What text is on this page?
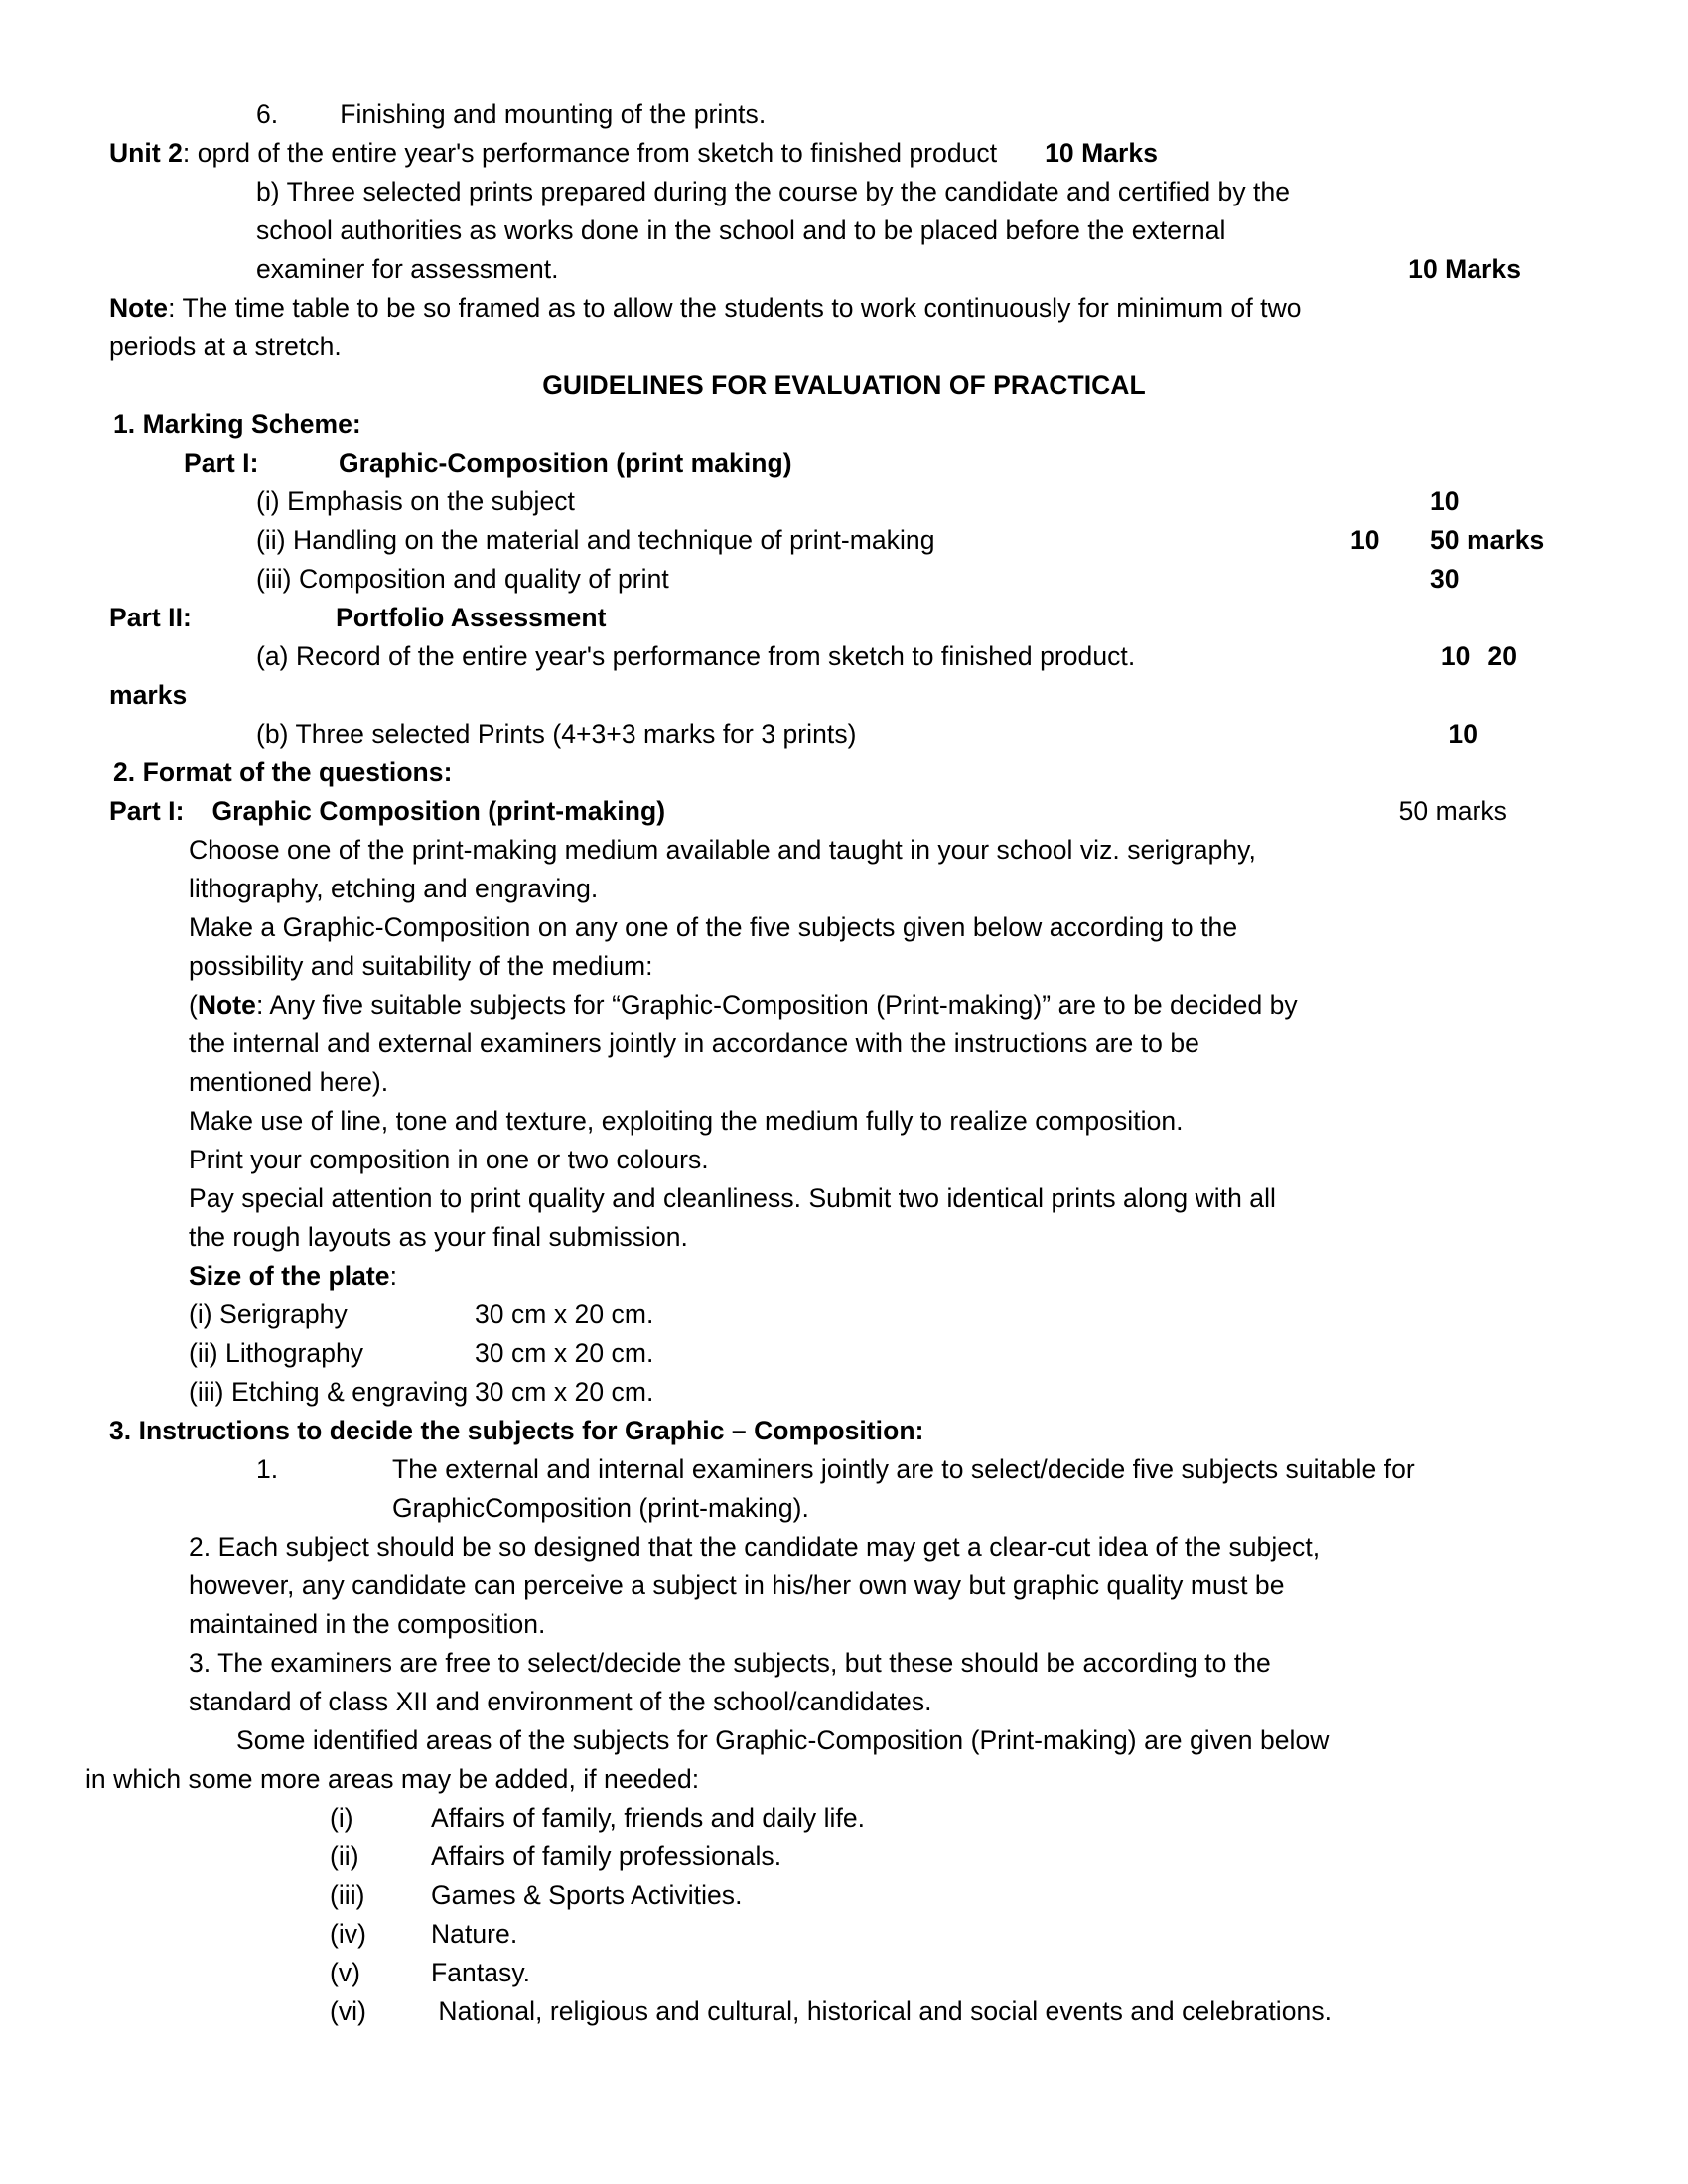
6. Finishing and mounting of the prints.
Unit 2 : oprd of the entire year's performance from sketch to finished product 10 Marks
b) Three selected prints prepared during the course by the candidate and certified by the
school authorities as works done in the school and to be placed before the external
examiner for assessment.	10 Marks
Note : The time table to be so framed as to allow the students to work continuously for minimum of two
periods at a stretch.
GUIDELINES FOR EVALUATION OF PRACTICAL
1. Marking Scheme:
Part I:	Graphic-Composition (print making)
(i) Emphasis on the subject	10
(ii) Handling on the material and technique of print-making	10	50 marks
(iii) Composition and quality of print	30
Part II:	Portfolio Assessment
(a) Record of the entire year's performance from sketch to finished product.	10 20
marks
(b) Three selected Prints (4+3+3 marks for 3 prints)	10
2. Format of the questions:
Part I: Graphic Composition (print-making)	50 marks
Choose one of the print-making medium available and taught in your school viz. serigraphy,
lithography, etching and engraving.
Make a Graphic-Composition on any one of the five subjects given below according to the
possibility and suitability of the medium:
( Note : Any five suitable subjects for “Graphic-Composition (Print-making)” are to be decided by
the internal and external examiners jointly in accordance with the instructions are to be
mentioned here).
Make use of line, tone and texture, exploiting the medium fully to realize composition.
Print your composition in one or two colours.
Pay special attention to print quality and cleanliness. Submit two identical prints along with all
the rough layouts as your final submission.
Size of the plate :
(i) Serigraphy	30 cm x 20 cm.
(ii) Lithography	30 cm x 20 cm.
(iii) Etching & engraving 30 cm x 20 cm.
3. Instructions to decide the subjects for Graphic – Composition:
1.	The external and internal examiners jointly are to select/decide five subjects suitable for
GraphicComposition (print-making).
2. Each subject should be so designed that the candidate may get a clear-cut idea of the subject,
however, any candidate can perceive a subject in his/her own way but graphic quality must be
maintained in the composition.
3. The examiners are free to select/decide the subjects, but these should be according to the
standard of class XII and environment of the school/candidates.
Some identified areas of the subjects for Graphic-Composition (Print-making) are given below
in which some more areas may be added, if needed:
(i)	Affairs of family, friends and daily life.
(ii)	Affairs of family professionals.
(iii)	Games & Sports Activities.
(iv)	Nature.
(v)	Fantasy.
(vi)	National, religious and cultural, historical and social events and celebrations.
